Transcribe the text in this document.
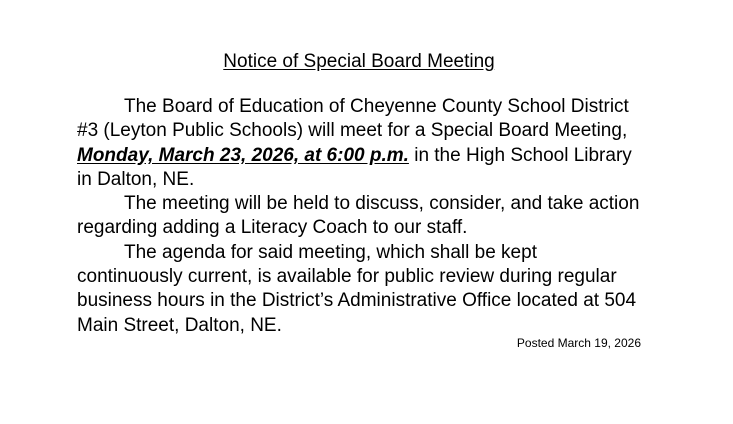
Notice of Special Board Meeting

The Board of Education of Cheyenne County School District #3 (Leyton Public Schools) will meet for a Special Board Meeting, Monday, March 23, 2026, at 6:00 p.m. in the High School Library in Dalton, NE.

The meeting will be held to discuss, consider, and take action regarding adding a Literacy Coach to our staff.

The agenda for said meeting, which shall be kept continuously current, is available for public review during regular business hours in the District’s Administrative Office located at 504 Main Street, Dalton, NE.

Posted March 19, 2026
